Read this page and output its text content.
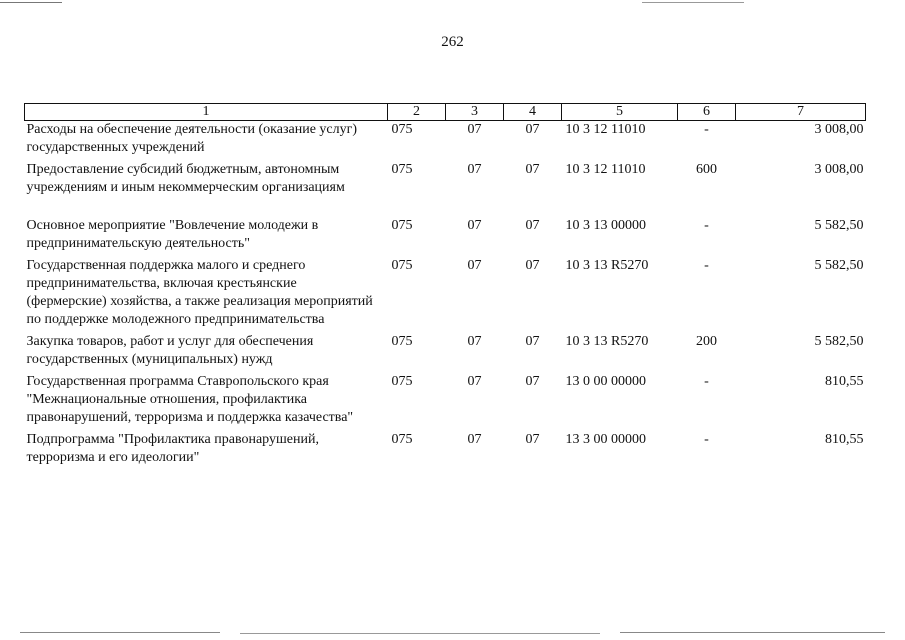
262
1	2	3	4	5	6	7
Расходы на обеспечение деятельности (оказание услуг) государственных учреждений	075	07	07	10 3 12 11010	-	3 008,00
Предоставление субсидий бюджетным, автономным учреждениям и иным некоммерческим организациям	075	07	07	10 3 12 11010	600	3 008,00
Основное мероприятие "Вовлечение молодежи в предпринимательскую деятельность"	075	07	07	10 3 13 00000	-	5 582,50
Государственная поддержка малого и среднего предпринимательства, включая крестьянские (фермерские) хозяйства, а также реализация мероприятий по поддержке молодежного предпринимательства	075	07	07	10 3 13 R5270	-	5 582,50
Закупка товаров, работ и услуг для обеспечения государственных (муниципальных) нужд	075	07	07	10 3 13 R5270	200	5 582,50
Государственная программа Ставропольского края "Межнациональные отношения, профилактика правонарушений, терроризма и поддержка казачества"	075	07	07	13 0 00 00000	-	810,55
Подпрограмма "Профилактика правонарушений, терроризма и его идеологии"	075	07	07	13 3 00 00000	-	810,55
